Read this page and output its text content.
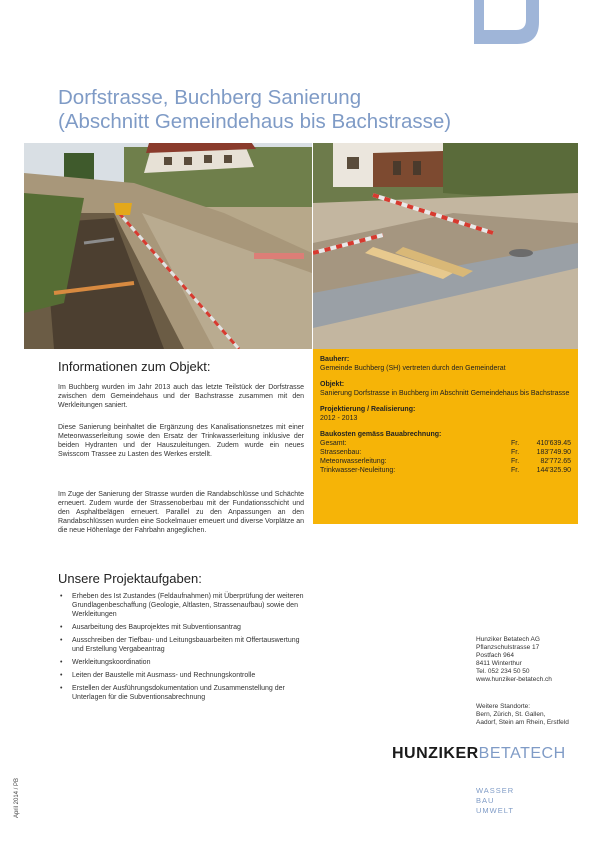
Dorfstrasse, Buchberg Sanierung
(Abschnitt Gemeindehaus bis Bachstrasse)
Informationen zum Objekt:

Im Buchberg wurden im Jahr 2013 auch das letzte Teilstück der Dorfstrasse zwischen dem Gemeindehaus und der Bachstrasse zusammen mit den Werkleitungen saniert.

Diese Sanierung beinhaltet die Ergänzung des Kanalisationsnetzes mit einer Meteorwasserleitung sowie den Ersatz der Trinkwasserleitung inklusive der beiden Hydranten und der Hauszuleitungen. Zudem wurde ein neues Swisscom Trassee zu Lasten des Werkes erstellt.

Im Zuge der Sanierung der Strasse wurden die Randabschlüsse und Schächte erneuert. Zudem wurde der Strassenoberbau mit der Fundationsschicht und den Asphaltbelägen erneuert. Parallel zu den Anpassungen an den Randabschlüssen wurden eine Sockelmauer erneuert und diverse Vorplätze an die neue Höhenlage der Fahrbahn angeglichen.

Bauherr:
Gemeinde Buchberg (SH) vertreten durch den Gemeinderat
Objekt:
Sanierung Dorfstrasse in Buchberg im Abschnitt Gemeindehaus bis Bachstrasse
Projektierung / Realisierung:
2012 - 2013
Baukosten gemäss Bauabrechnung:
Gesamt:	Fr.	410'639.45
Strassenbau:	Fr.	183'749.90
Meteorwasserleitung:	Fr.	82'772.65
Trinkwasser-Neuleitung:	Fr.	144'325.90
Unsere Projektaufgaben:
• Erheben des Ist Zustandes (Feldaufnahmen) mit Überprüfung der weiteren Grundlagenbeschaffung (Geologie, Altlasten, Strassenaufbau) sowie den Werkleitungen
• Ausarbeitung des Bauprojektes mit Subventionsantrag
• Ausschreiben der Tiefbau- und Leitungsbauarbeiten mit Offertauswertung und Erstellung Vergabeantrag
• Werkleitungskoordination
• Leiten der Baustelle mit Ausmass- und Rechnungskontrolle
• Erstellen der Ausführungsdokumentation und Zusammenstellung der Unterlagen für die Subventionsabrechnung
Hunziker Betatech AG
Pflanzschulstrasse 17
Postfach 964
8411 Winterthur
Tel. 052 234 50 50
www.hunziker-betatech.ch
Weitere Standorte:
Bern, Zürich, St. Gallen,
Aadorf, Stein am Rhein, Erstfeld
HUNZIKERBETATECH
WASSER
BAU
UMWELT
April 2014 / PB
